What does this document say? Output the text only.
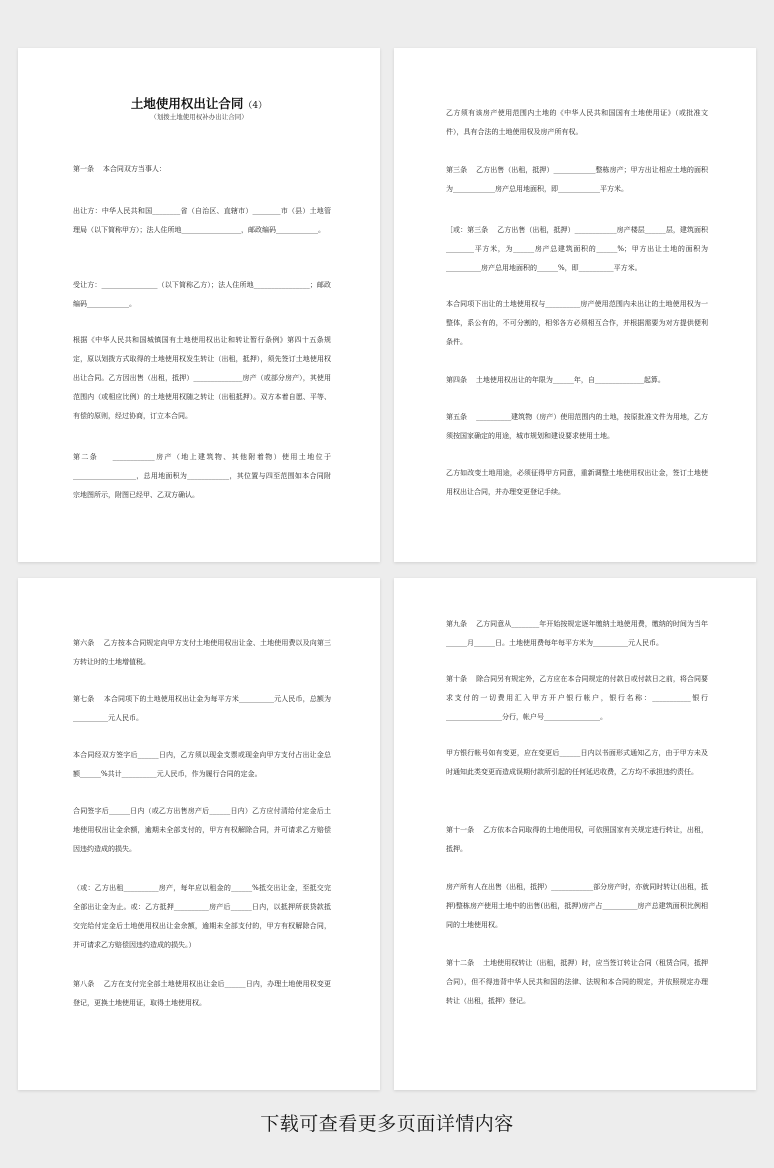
土地使用权出让合同（4）
（划拨土地使用权补办出让合同）
第一条    本合同双方当事人：
出让方：中华人民共和国________省（自治区、直辖市）________市（县）土地管理局（以下简称甲方）；法人住所地_________________，邮政编码____________。
受让方：________________（以下简称乙方）；法人住所地________________；邮政编码____________。
根据《中华人民共和国城镇国有土地使用权出让和转让暂行条例》第四十五条规定，原以划拨方式取得的土地使用权发生转让（出租，抵押），须先签订土地使用权出让合同。乙方因出售（出租，抵押）______________房产（或部分房产），其使用范围内（或相应比例）的土地使用权随之转让（出租抵押）。双方本着自愿、平等、有偿的原则，经过协商，订立本合同。
第二条    ____________房产（地上建筑物、其他附着物）使用土地位于__________________，总用地面积为____________，其位置与四至范围如本合同附宗地图所示，附图已经甲、乙双方确认。
乙方须有该房产使用范围内土地的《中华人民共和国国有土地使用证》（或批准文件），具有合法的土地使用权及房产所有权。
第三条    乙方出售（出租，抵押）____________整栋房产；甲方出让相应土地的面积为____________房产总用地面积，即____________平方米。
［或：第三条    乙方出售（出租，抵押）____________房产楼层______层，建筑面积________平方米，为______房产总建筑面积的______%；甲方出让土地的面积为__________房产总用地面积的______%，即__________平方米。
本合同项下出让的土地使用权与__________房产使用范围内未出让的土地使用权为一整体，系公有的，不可分割的，相邻各方必须相互合作，并根据需要为对方提供便利条件。
第四条    土地使用权出让的年限为______年，自______________起算。
第五条    __________建筑物（房产）使用范围内的土地，按原批准文件为用地，乙方须按国家确定的用途，城市规划和建设要求使用土地。
乙方如改变土地用途，必须征得甲方同意，重新调整土地使用权出让金，签订土地使用权出让合同，并办理变更登记手续。
第六条    乙方按本合同规定向甲方支付土地使用权出让金、土地使用费以及向第三方转让时的土地增值税。
第七条    本合同项下的土地使用权出让金为每平方米__________元人民币，总额为__________元人民币。
本合同经双方签字后______日内，乙方须以现金支票或现金向甲方支付占出让金总额______%共计__________元人民币，作为履行合同的定金。
合同签字后______日内（或乙方出售房产后______日内）乙方应付清给付定金后土地使用权出让金余额，逾期未全部支付的，甲方有权解除合同，并可请求乙方赔偿因违约造成的损失。
（或：乙方出租__________房产，每年应以租金的______%抵交出让金，至抵交完全部出让金为止。或：乙方抵押__________房产后______日内，以抵押所获贷款抵交完给付定金后土地使用权出让金余额，逾期未全部支付的，甲方有权解除合同，并可请求乙方赔偿因违约造成的损失。）
第八条    乙方在支付完全部土地使用权出让金后______日内，办理土地使用权变更登记，更换土地使用证，取得土地使用权。
第九条    乙方同意从________年开始按规定逐年缴纳土地使用费，缴纳的时间为当年______月______日。土地使用费每年每平方米为__________元人民币。
第十条    除合同另有规定外，乙方应在本合同规定的付款日或付款日之前，将合同要求支付的一切费用汇入甲方开户银行帐户，银行名称：___________银行________________分行，帐户号________________。
甲方银行帐号如有变更，应在变更后______日内以书面形式通知乙方，由于甲方未及时通知此类变更而造成误期付款所引起的任何延迟收费，乙方均不承担违约责任。
第十一条    乙方依本合同取得的土地使用权，可依照国家有关规定进行转让，出租，抵押。
房产所有人在出售（出租，抵押）____________部分房产时，亦就同时转让(出租，抵押)整栋房产使用土地中的出售(出租，抵押)房产占__________房产总建筑面积比例相同的土地使用权。
第十二条    土地使用权转让（出租，抵押）时，应当签订转让合同（租赁合同，抵押合同），但不得违背中华人民共和国的法律、法规和本合同的规定，并依照规定办理转让（出租，抵押）登记。
下载可查看更多页面详情内容
